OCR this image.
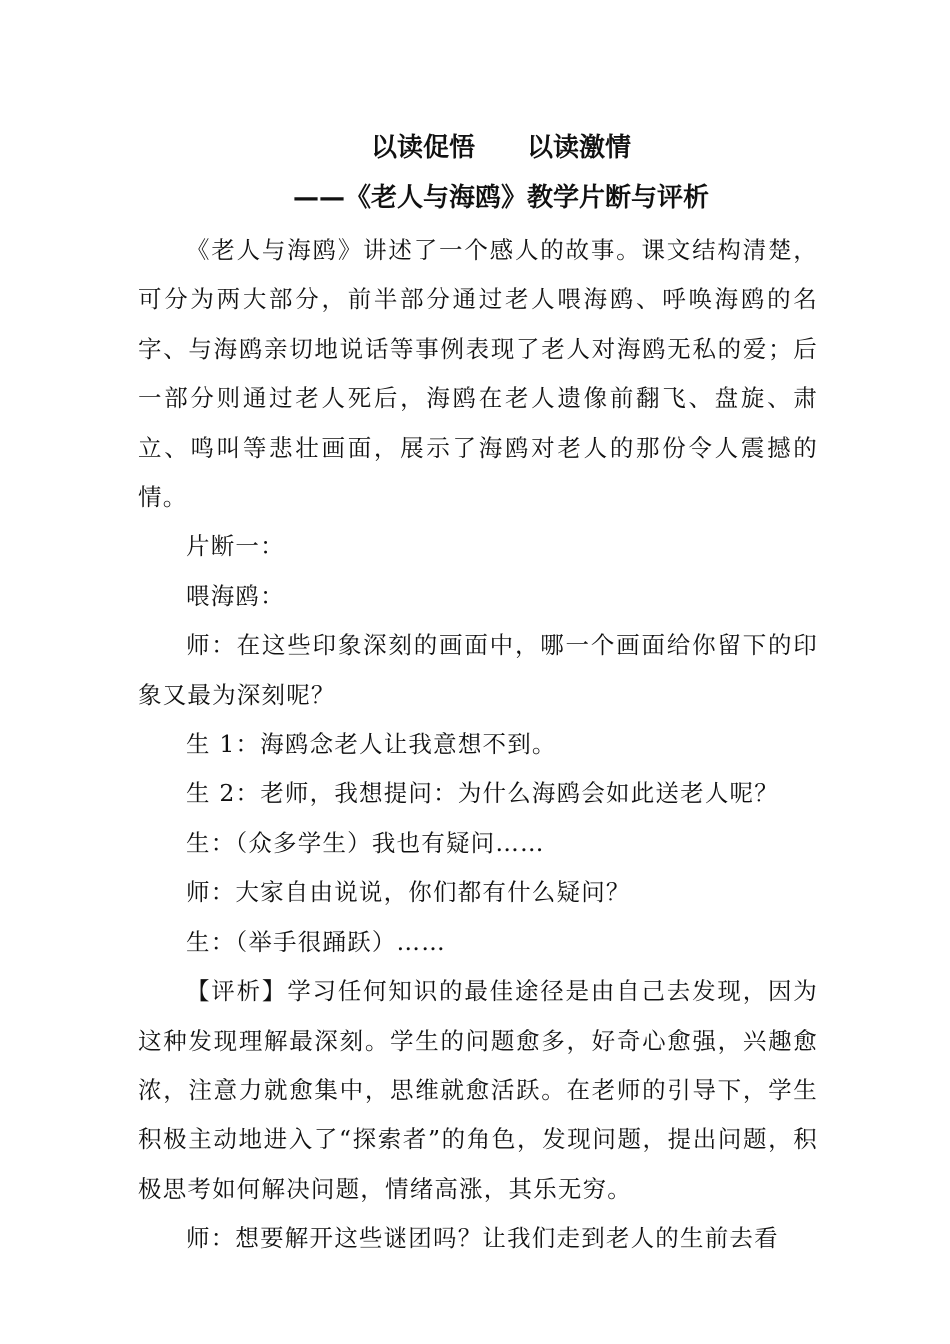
以读促悟　　以读激情
——《老人与海鸥》教学片断与评析

《老人与海鸥》讲述了一个感人的故事。课文结构清楚，可分为两大部分，前半部分通过老人喂海鸥、呼唤海鸥的名字、与海鸥亲切地说话等事例表现了老人对海鸥无私的爱；后一部分则通过老人死后，海鸥在老人遗像前翻飞、盘旋、肃立、鸣叫等悲壮画面，展示了海鸥对老人的那份令人震撼的情。

片断一：

喂海鸥：

师：在这些印象深刻的画面中，哪一个画面给你留下的印象又最为深刻呢？

生 1：海鸥念老人让我意想不到。

生 2：老师，我想提问：为什么海鸥会如此送老人呢？

生：（众多学生）我也有疑问……

师：大家自由说说，你们都有什么疑问？

生：（举手很踊跃）……

【评析】学习任何知识的最佳途径是由自己去发现，因为这种发现理解最深刻。学生的问题愈多，好奇心愈强，兴趣愈浓，注意力就愈集中，思维就愈活跃。在老师的引导下，学生积极主动地进入了“探索者”的角色，发现问题，提出问题，积极思考如何解决问题，情绪高涨，其乐无穷。

师：想要解开这些谜团吗？让我们走到老人的生前去看
